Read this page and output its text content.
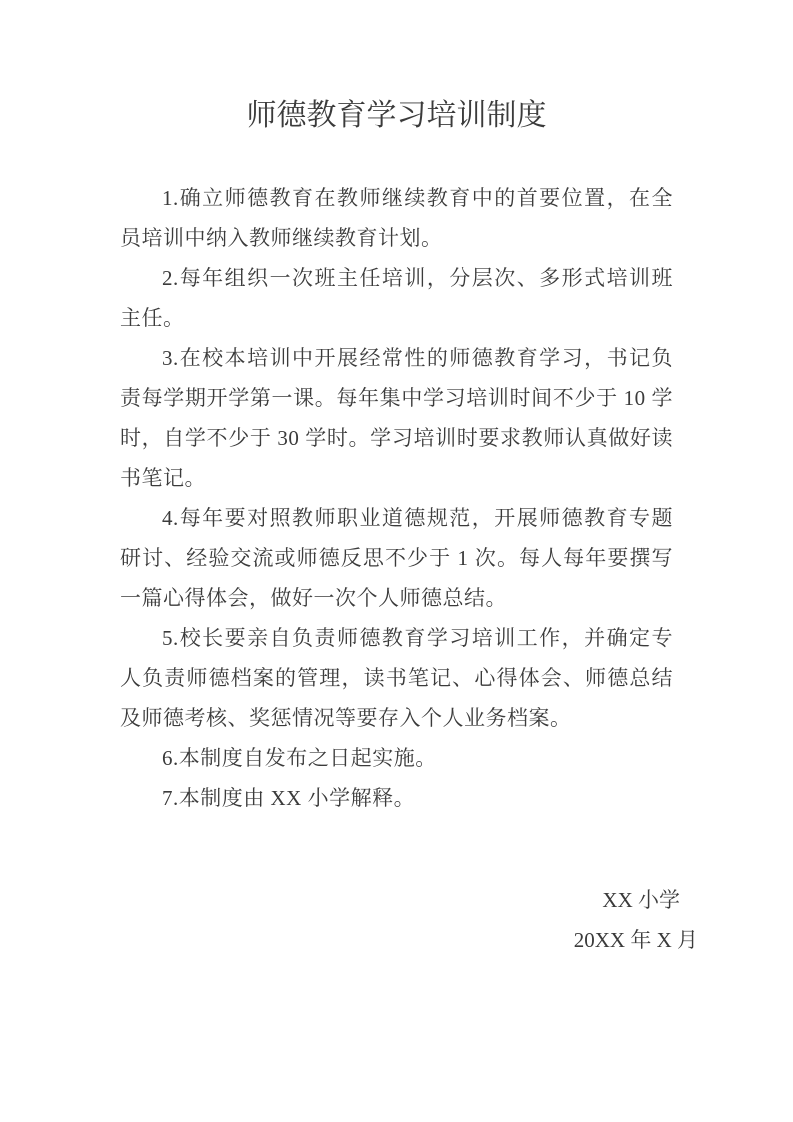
师德教育学习培训制度

1.确立师德教育在教师继续教育中的首要位置，在全员培训中纳入教师继续教育计划。

2.每年组织一次班主任培训，分层次、多形式培训班主任。

3.在校本培训中开展经常性的师德教育学习，书记负责每学期开学第一课。每年集中学习培训时间不少于 10 学时，自学不少于 30 学时。学习培训时要求教师认真做好读书笔记。

4.每年要对照教师职业道德规范，开展师德教育专题研讨、经验交流或师德反思不少于 1 次。每人每年要撰写一篇心得体会，做好一次个人师德总结。

5.校长要亲自负责师德教育学习培训工作，并确定专人负责师德档案的管理，读书笔记、心得体会、师德总结及师德考核、奖惩情况等要存入个人业务档案。

6.本制度自发布之日起实施。

7.本制度由 XX 小学解释。

XX 小学
20XX 年 X 月
